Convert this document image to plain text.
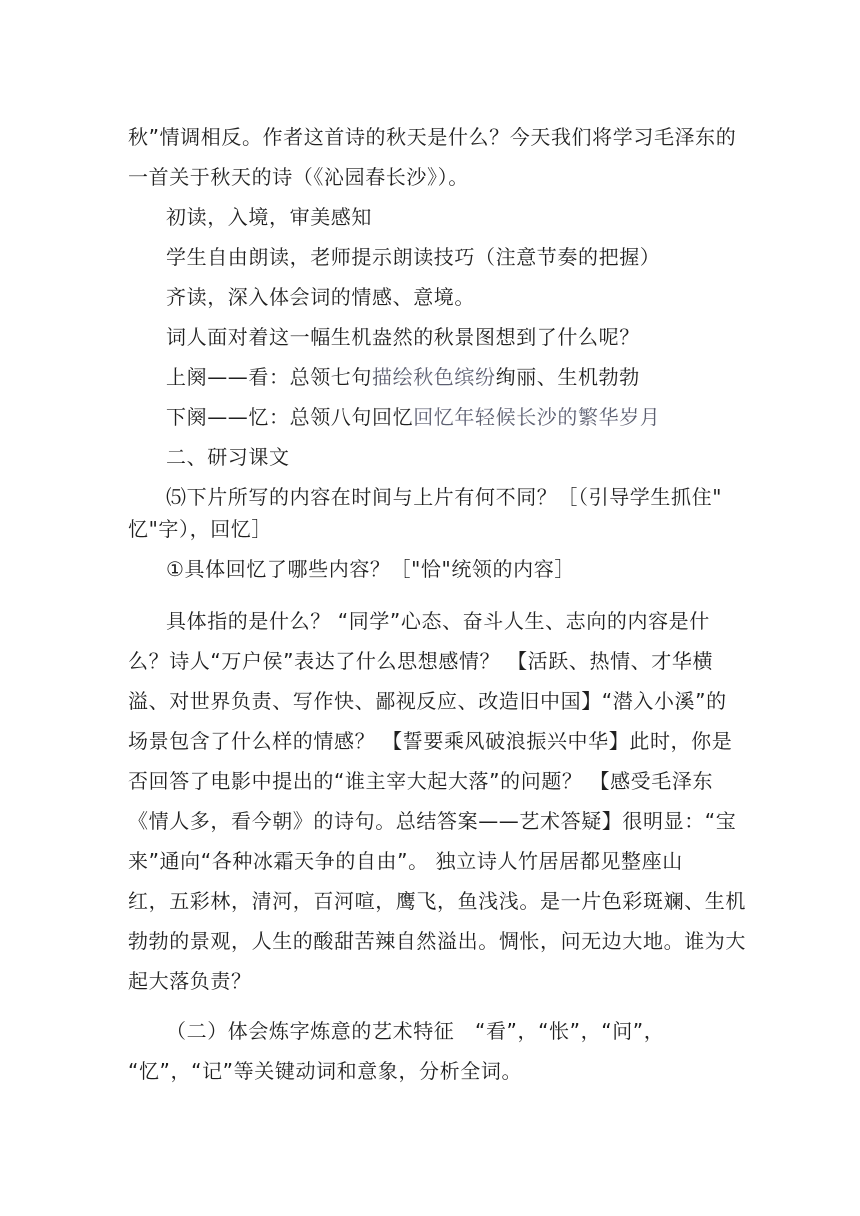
秋”情调相反。作者这首诗的秋天是什么？今天我们将学习毛泽东的
一首关于秋天的诗（《沁园春长沙》）。
初读，入境，审美感知
学生自由朗读，老师提示朗读技巧（注意节奏的把握）
齐读，深入体会词的情感、意境。
词人面对着这一幅生机盎然的秋景图想到了什么呢？
上阕——看：总领七句描绘秋色缤纷绚丽、生机勃勃
下阕——忆：总领八句回忆回忆年轻候长沙的繁华岁月
二、研习课文
⑸下片所写的内容在时间与上片有何不同？［（引导学生抓住"
忆"字），回忆］
①具体回忆了哪些内容？［"恰"统领的内容］
具体指的是什么？ “同学”心态、奋斗人生、志向的内容是什
么？诗人“万户侯”表达了什么思想感情？ 【活跃、热情、才华横
溢、对世界负责、写作快、鄙视反应、改造旧中国】“潜入小溪”的
场景包含了什么样的情感？ 【誓要乘风破浪振兴中华】此时，你是
否回答了电影中提出的“谁主宰大起大落”的问题？ 【感受毛泽东
《情人多，看今朝》的诗句。总结答案——艺术答疑】很明显：“宝
来”通向“各种冰霜天争的自由”。 独立诗人竹居居都见整座山
红，五彩林，清河，百河喧，鹰飞，鱼浅浅。是一片色彩斑斓、生机
勃勃的景观，人生的酸甜苦辣自然溢出。惆怅，问无边大地。谁为大
起大落负责？
（二）体会炼字炼意的艺术特征　“看”，“怅”，“问”，
“忆”，“记”等关键动词和意象，分析全词。
